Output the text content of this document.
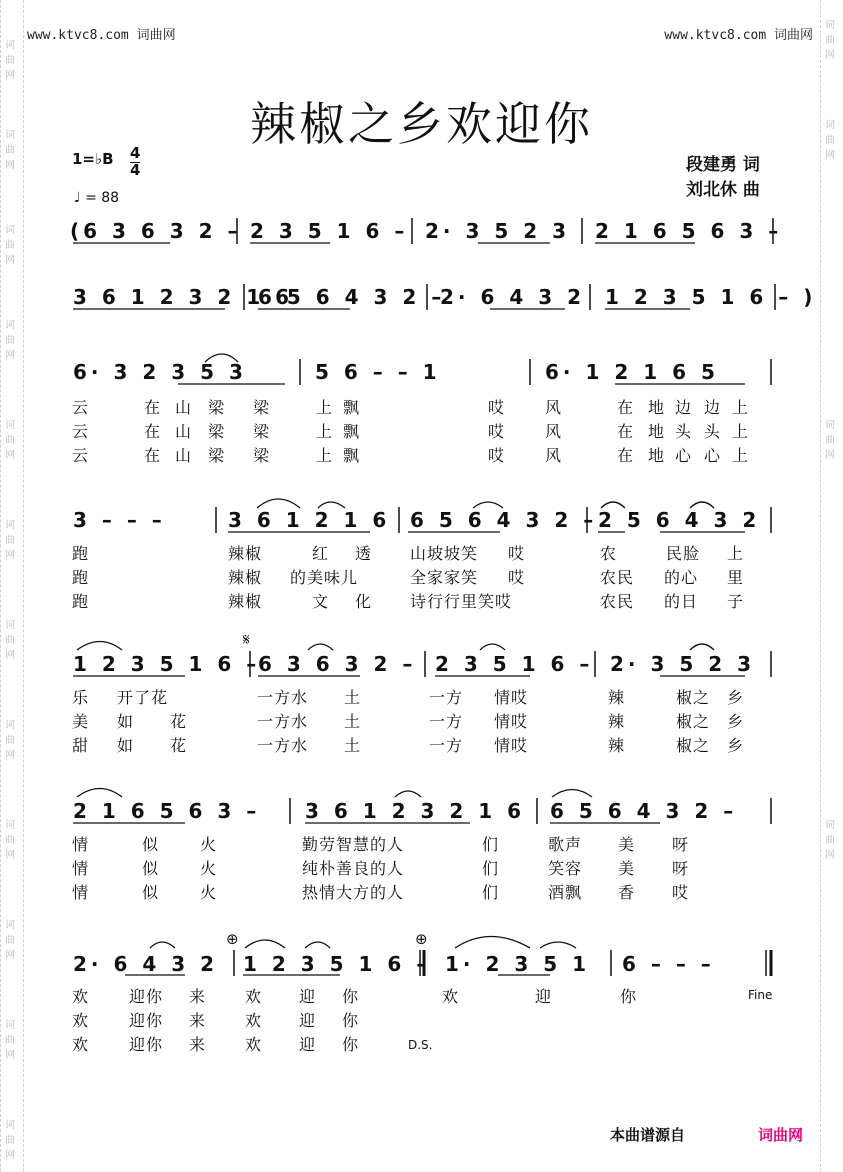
词
曲
网
词
曲
网
词
曲
网
词
曲
网
词
曲
网
词
曲
网
词
曲
网
词
曲
网
词
曲
网
词
曲
网
词
曲
网
词
曲
网
词
曲
网
词
曲
网
词
曲
网
词
曲
网
www.ktvc8.com 词曲网	www.ktvc8.com 词曲网
辣椒之乡欢迎你
段建勇 词
刘北休 曲
1=♭B 4
4
♩ = 88
(6 3 6 3 2 – 2 3 5 1 6 – 2· 3 5 2 3 2 1 6 5 6 3 –
3 6 1 2 3 2 1 6
6 5 6 4 3 2 –
2· 6 4 3 2 1 2 3 5 1 6 – )
6· 3 2 3 5 3	5 6 – – 1	6· 1 2 1 6 5
云	在 山 梁 梁	上 飘	哎 风	在 地 边 边 上
云	在 山 梁 梁	上 飘	哎 风	在 地 头 头 上
云	在 山 梁 梁	上 飘	哎 风	在 地 心 心 上
3 – – –	3 6 1 2 1 6 6 5 6 4 3 2 – 2 5 6 4 3 2
跑	辣椒	红 透 山坡坡笑 哎	农	民脸 上
跑	辣椒 的美味儿	全家家笑 哎	农民 的心 里
跑	辣椒	文 化 诗行行里笑哎	农民 的日 子
𝄋
1 2 3 5 1 6 –
6 3 6 3 2 – 2 3 5 1 6 – 2· 3 5 2 3
乐 开了花	一方水 土	一方 情哎	辣	椒之 乡
美 如 花	一方水 土	一方 情哎	辣	椒之 乡
甜 如 花	一方水 土	一方 情哎	辣	椒之 乡
2 1 6 5 6 3 – 3 6 1 2 3 2 1 6 6 5 6 4 3 2 –
情	似	火	勤劳智慧的人	们	歌声 美 呀
情	似	火	纯朴善良的人	们	笑容 美 呀
情	似	火	热情大方的人	们	酒飘 香 哎
⊕	⊕
2· 6 4 3 2 1 2 3 5 1 6 – 1· 2 3 5 1 6 – – –
欢 迎你 来 欢 迎 你	欢	迎	你	Fine
欢 迎你 来 欢 迎 你
欢 迎你 来 欢 迎 你	D.S.
本曲谱源自	词曲网
